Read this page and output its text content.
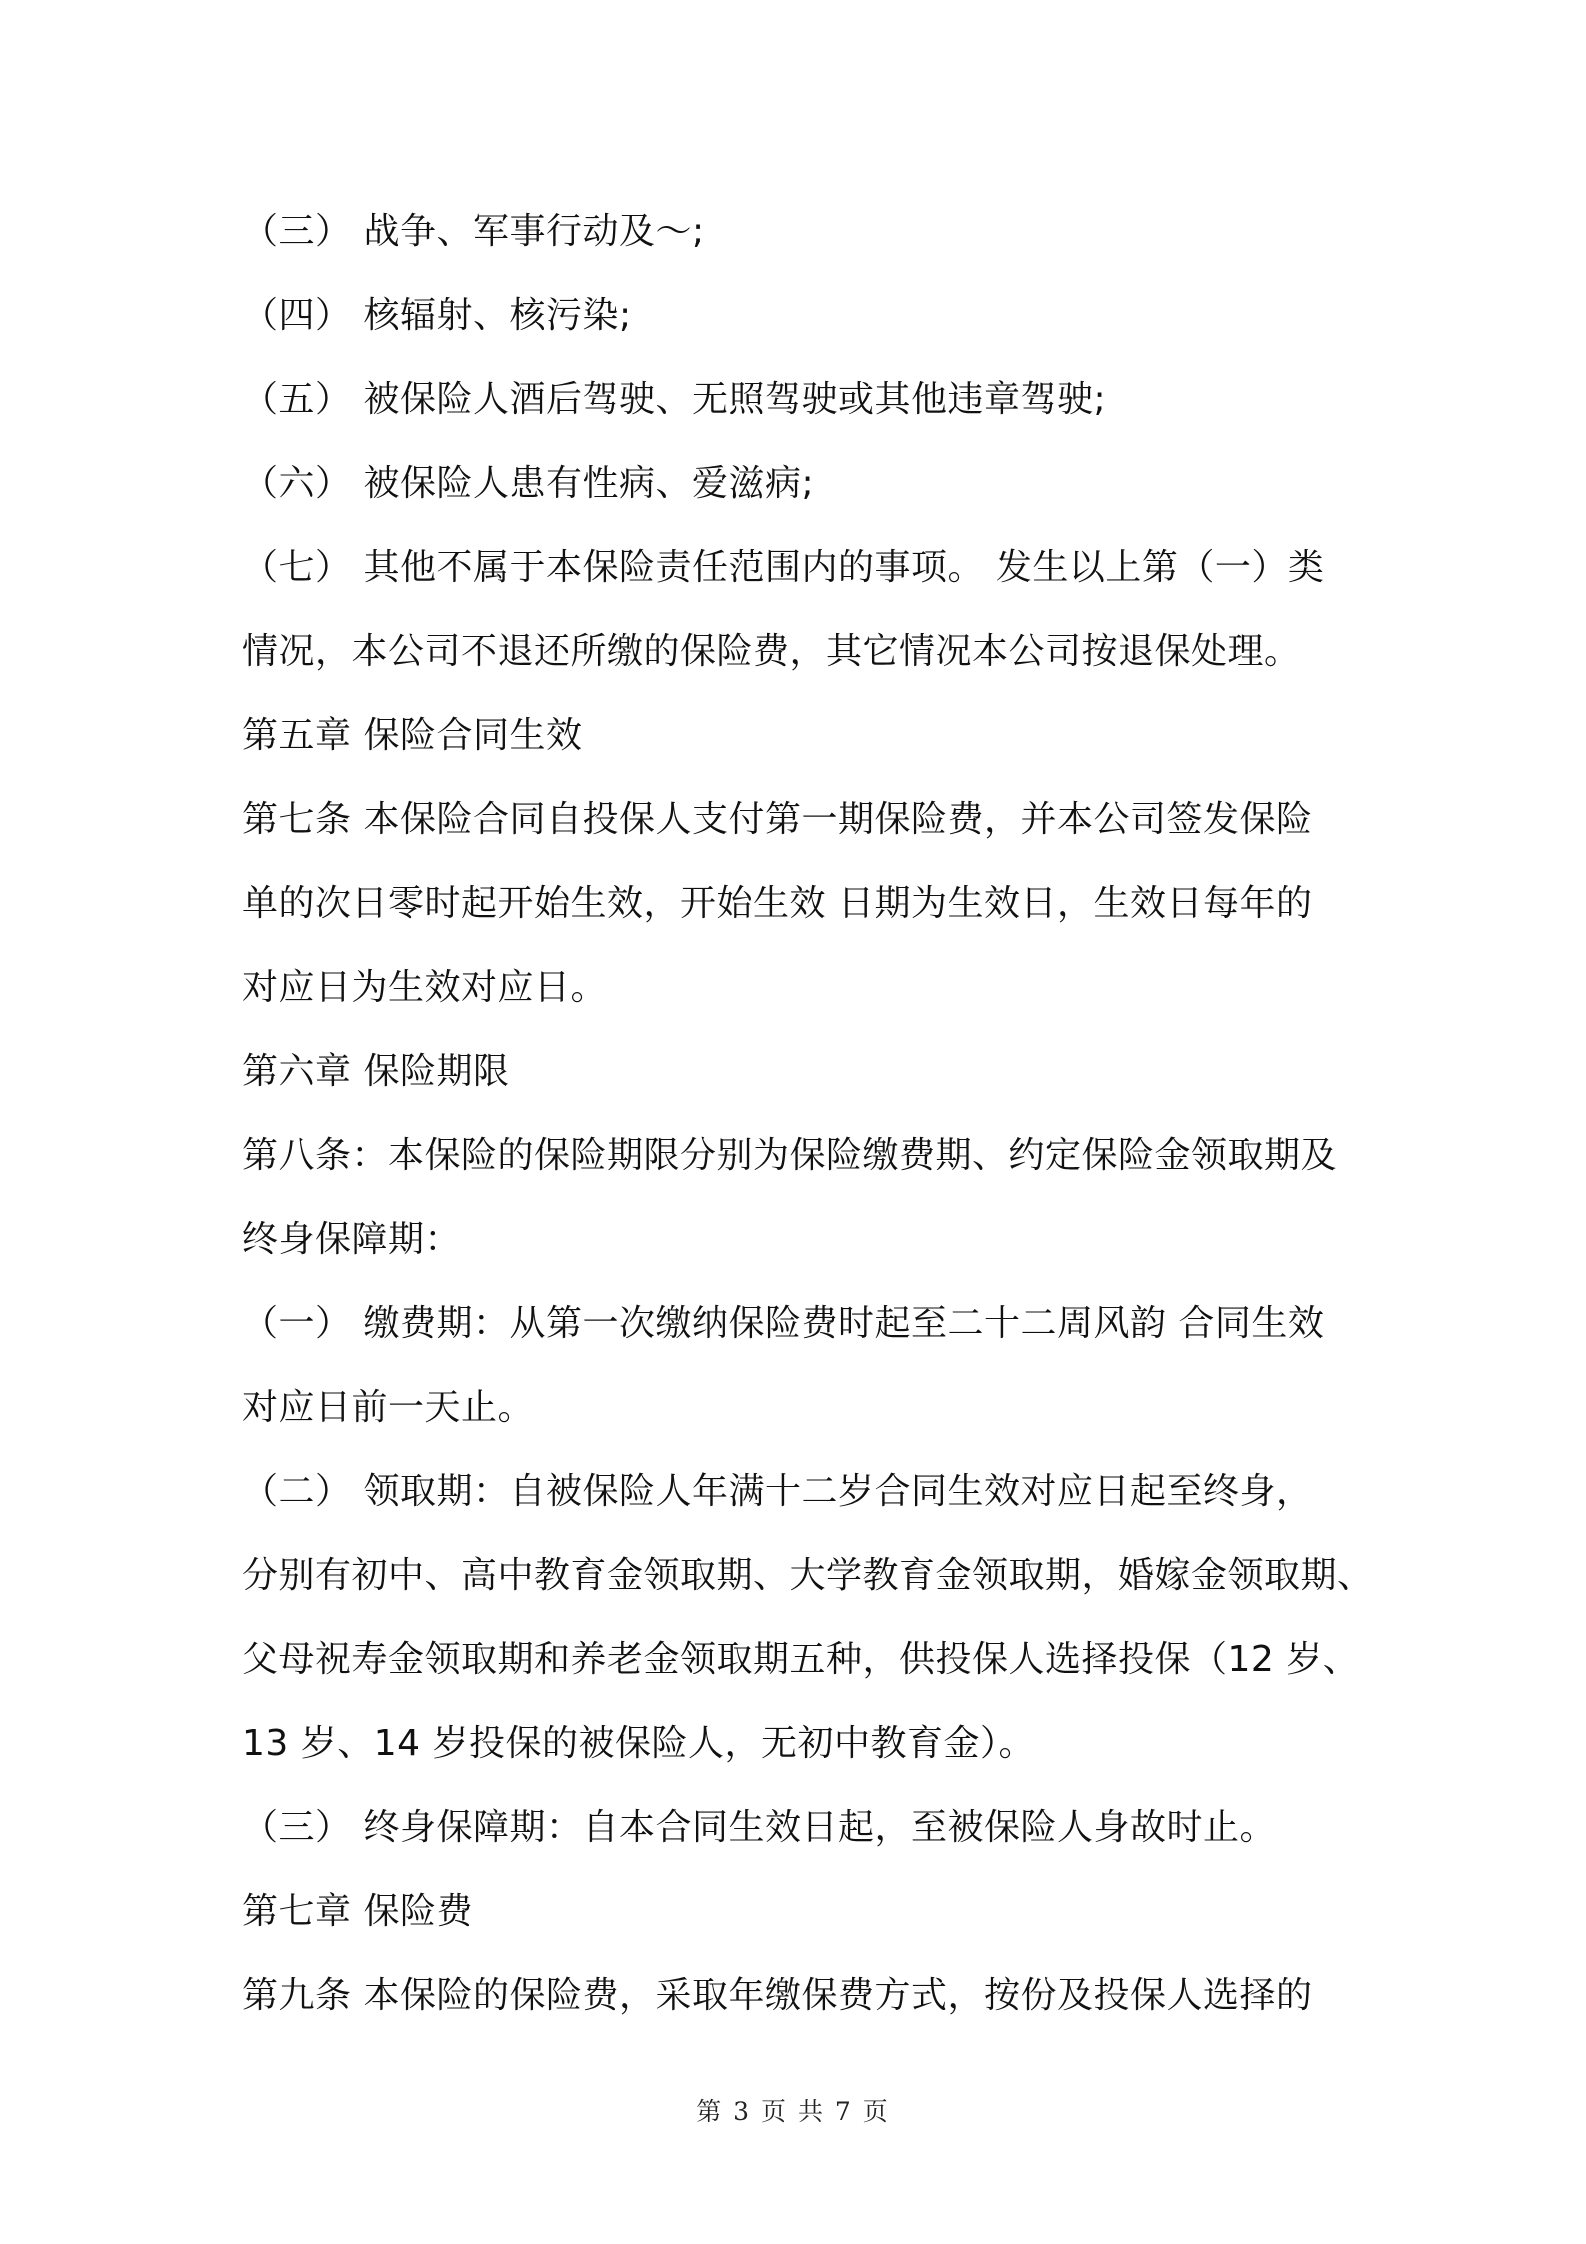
（三） 战争、军事行动及～;
（四） 核辐射、核污染;
（五） 被保险人酒后驾驶、无照驾驶或其他违章驾驶;
（六） 被保险人患有性病、爱滋病;
（七） 其他不属于本保险责任范围内的事项。 发生以上第（一）类
情况，本公司不退还所缴的保险费，其它情况本公司按退保处理。
第五章 保险合同生效
第七条 本保险合同自投保人支付第一期保险费，并本公司签发保险
单的次日零时起开始生效，开始生效 日期为生效日，生效日每年的
对应日为生效对应日。
第六章 保险期限
第八条：本保险的保险期限分别为保险缴费期、约定保险金领取期及
终身保障期：
（一） 缴费期：从第一次缴纳保险费时起至二十二周风韵 合同生效
对应日前一天止。
（二） 领取期：自被保险人年满十二岁合同生效对应日起至终身，
分别有初中、高中教育金领取期、大学教育金领取期，婚嫁金领取期、
父母祝寿金领取期和养老金领取期五种，供投保人选择投保（12 岁、
13 岁、14 岁投保的被保险人，无初中教育金）。
（三） 终身保障期：自本合同生效日起，至被保险人身故时止。
第七章 保险费
第九条 本保险的保险费，采取年缴保费方式，按份及投保人选择的
第 3 页 共 7 页
